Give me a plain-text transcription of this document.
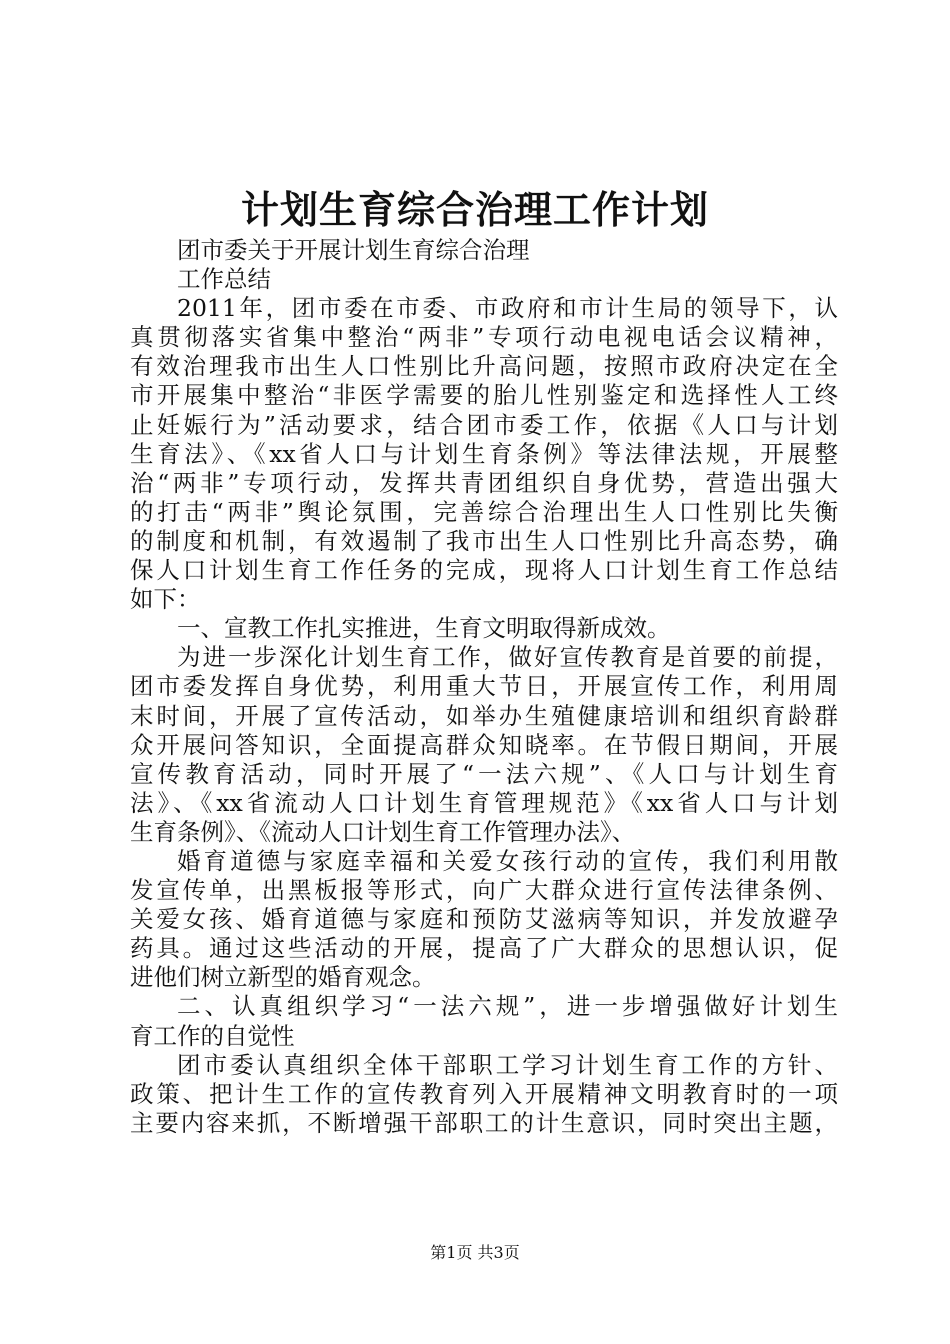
计划生育综合治理工作计划
团市委关于开展计划生育综合治理
工作总结
2011年，团市委在市委、市政府和市计生局的领导下，认
真贯彻落实省集中整治“两非”专项行动电视电话会议精神，
有效治理我市出生人口性别比升高问题，按照市政府决定在全
市开展集中整治“非医学需要的胎儿性别鉴定和选择性人工终
止妊娠行为”活动要求，结合团市委工作，依据《人口与计划
生育法》、《xx省人口与计划生育条例》等法律法规，开展整
治“两非”专项行动，发挥共青团组织自身优势，营造出强大
的打击“两非”舆论氛围，完善综合治理出生人口性别比失衡
的制度和机制，有效遏制了我市出生人口性别比升高态势，确
保人口计划生育工作任务的完成，现将人口计划生育工作总结
如下：
一、宣教工作扎实推进，生育文明取得新成效。
为进一步深化计划生育工作，做好宣传教育是首要的前提，
团市委发挥自身优势，利用重大节日，开展宣传工作，利用周
末时间，开展了宣传活动，如举办生殖健康培训和组织育龄群
众开展问答知识，全面提高群众知晓率。在节假日期间，开展
宣传教育活动，同时开展了“一法六规”、《人口与计划生育
法》、《xx省流动人口计划生育管理规范》《xx省人口与计划
生育条例》、《流动人口计划生育工作管理办法》、
婚育道德与家庭幸福和关爱女孩行动的宣传，我们利用散
发宣传单，出黑板报等形式，向广大群众进行宣传法律条例、
关爱女孩、婚育道德与家庭和预防艾滋病等知识，并发放避孕
药具。通过这些活动的开展，提高了广大群众的思想认识，促
进他们树立新型的婚育观念。
二、认真组织学习“一法六规”，进一步增强做好计划生
育工作的自觉性
团市委认真组织全体干部职工学习计划生育工作的方针、
政策、把计生工作的宣传教育列入开展精神文明教育时的一项
主要内容来抓，不断增强干部职工的计生意识，同时突出主题，
第1页 共3页
